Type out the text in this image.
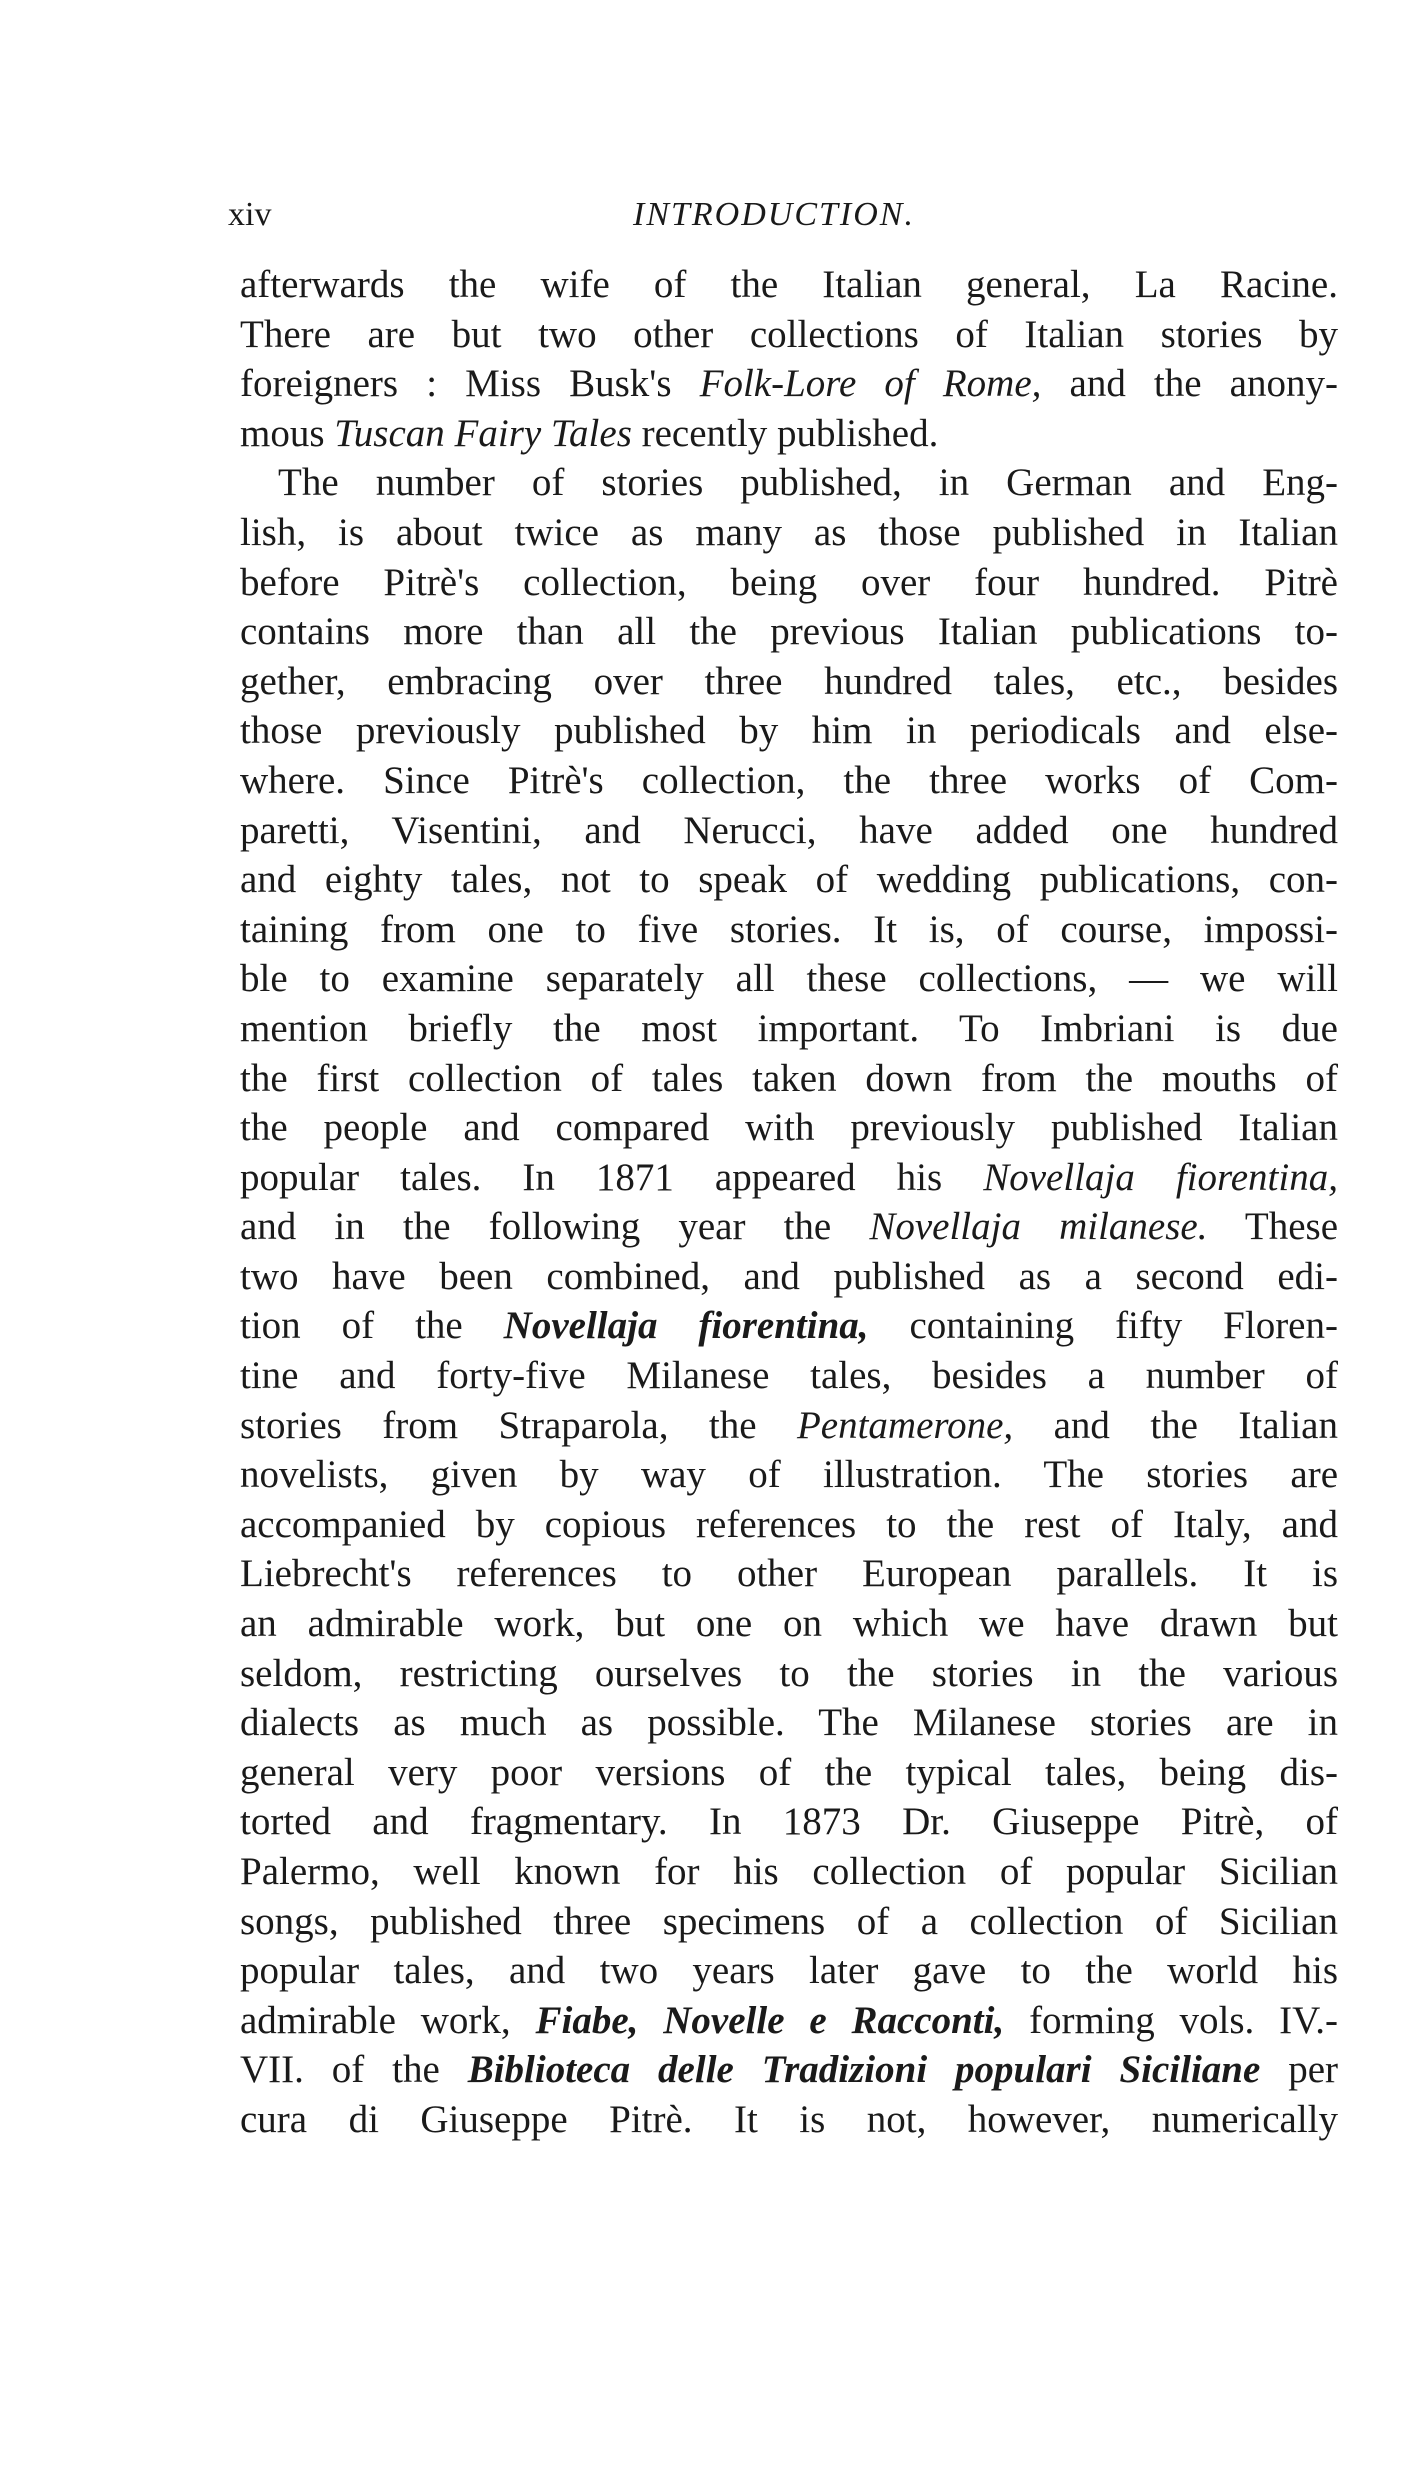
xiv	INTRODUCTION.
afterwards the wife of the Italian general, La Racine.
There are but two other collections of Italian stories by
foreigners : Miss Busk's Folk-Lore of Rome, and the anony-
mous Tuscan Fairy Tales recently published.
The number of stories published, in German and Eng-
lish, is about twice as many as those published in Italian
before Pitrè's collection, being over four hundred. Pitrè
contains more than all the previous Italian publications to-
gether, embracing over three hundred tales, etc., besides
those previously published by him in periodicals and else-
where. Since Pitrè's collection, the three works of Com-
paretti, Visentini, and Nerucci, have added one hundred
and eighty tales, not to speak of wedding publications, con-
taining from one to five stories. It is, of course, impossi-
ble to examine separately all these collections, — we will
mention briefly the most important. To Imbriani is due
the first collection of tales taken down from the mouths of
the people and compared with previously published Italian
popular tales. In 1871 appeared his Novellaja fiorentina,
and in the following year the Novellaja milanese. These
two have been combined, and published as a second edi-
tion of the Novellaja fiorentina, containing fifty Floren-
tine and forty-five Milanese tales, besides a number of
stories from Straparola, the Pentamerone, and the Italian
novelists, given by way of illustration. The stories are
accompanied by copious references to the rest of Italy, and
Liebrecht's references to other European parallels. It is
an admirable work, but one on which we have drawn but
seldom, restricting ourselves to the stories in the various
dialects as much as possible. The Milanese stories are in
general very poor versions of the typical tales, being dis-
torted and fragmentary. In 1873 Dr. Giuseppe Pitrè, of
Palermo, well known for his collection of popular Sicilian
songs, published three specimens of a collection of Sicilian
popular tales, and two years later gave to the world his
admirable work, Fiabe, Novelle e Racconti, forming vols. IV.-
VII. of the Biblioteca delle Tradizioni populari Siciliane per
cura di Giuseppe Pitrè. It is not, however, numerically
